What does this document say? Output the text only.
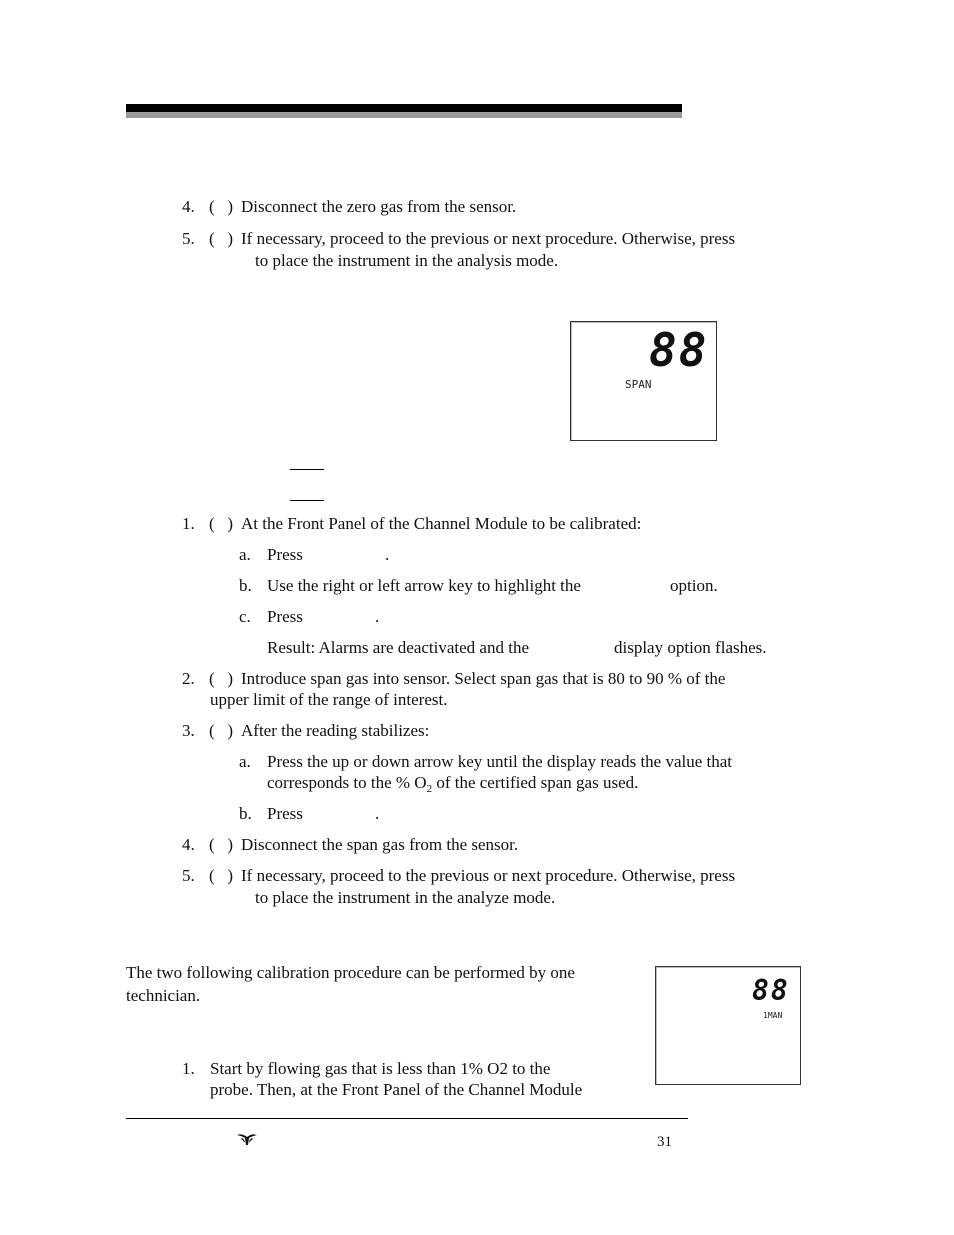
4. (   ) Disconnect the zero gas from the sensor.
5. (   ) If necessary, proceed to the previous or next procedure. Otherwise, press
to place the instrument in the analysis mode.
88
SPAN
1. (   ) At the Front Panel of the Channel Module to be calibrated:
a. Press	.
b. Use the right or left arrow key to highlight the	option.
c. Press	.
Result: Alarms are deactivated and the	display option flashes.
2. (   ) Introduce span gas into sensor. Select span gas that is 80 to 90 % of the
upper limit of the range of interest.
3. (   ) After the reading stabilizes:
a. Press the up or down arrow key until the display reads the value that
corresponds to the % $O_2$ of the certified span gas used.
b. Press	.
4. (   ) Disconnect the span gas from the sensor.
5. (   ) If necessary, proceed to the previous or next procedure. Otherwise, press
to place the instrument in the analyze mode.
The two following calibration procedure can be performed by one
technician.	88
1MAN
1. Start by flowing gas that is less than 1% O2 to the
probe. Then, at the Front Panel of the Channel Module
31
